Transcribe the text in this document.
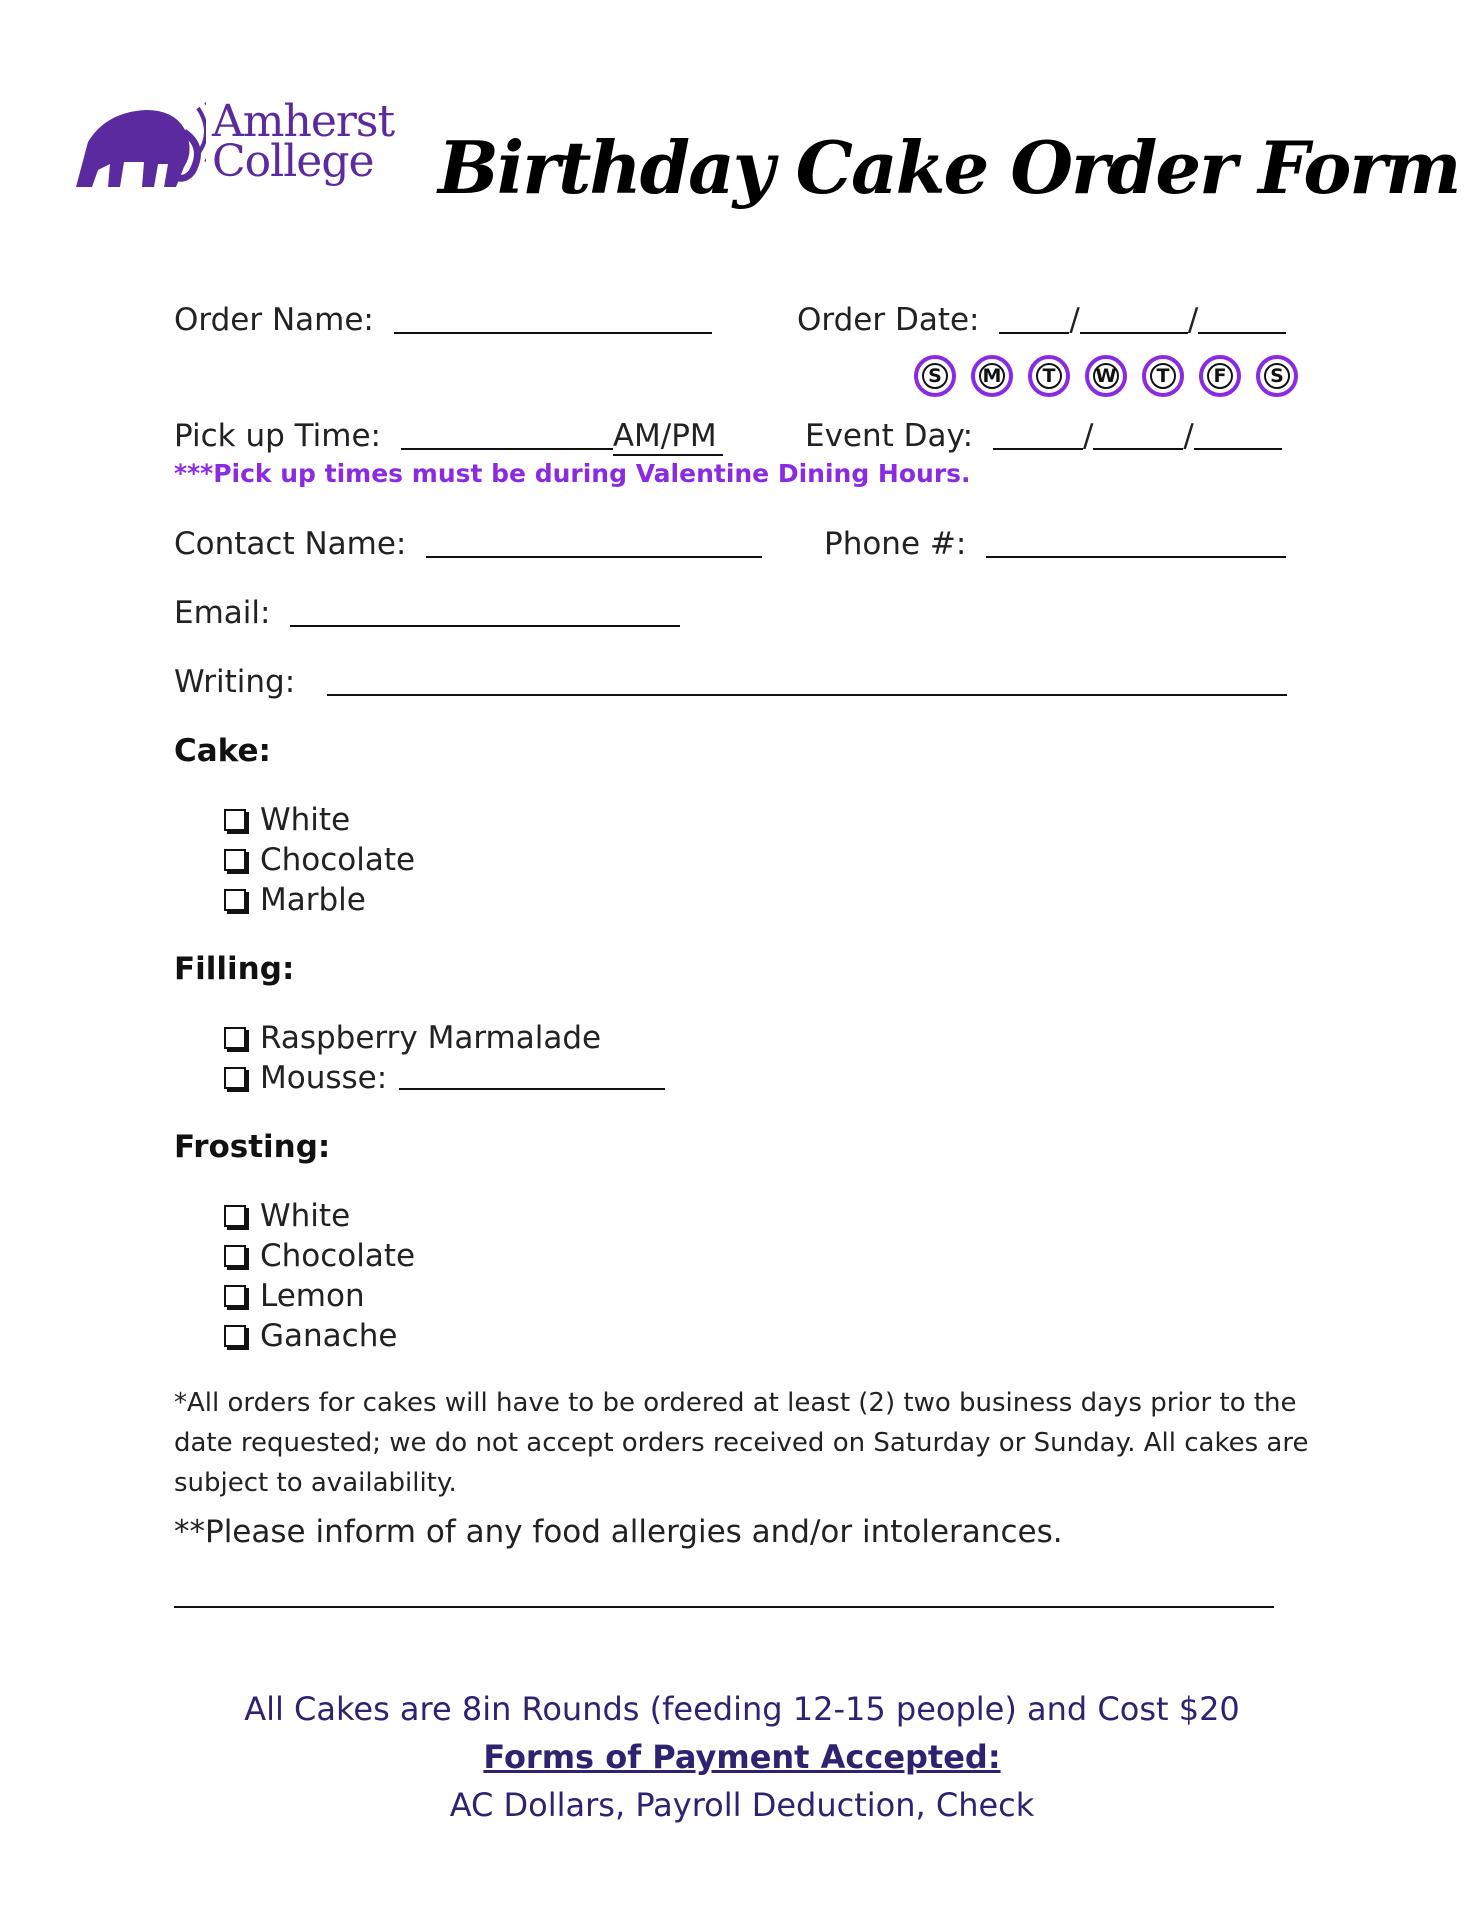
Amherst
College Birthday Cake Order Form
Order Name:	Order Date:	/	/
S	M	T	W	T	F	S
Pick up Time:	AM/PM	Event Day:	/	/
***Pick up times must be during Valentine Dining Hours.
Contact Name:	Phone #:
Email:
Writing:
Cake:
White
Chocolate
Marble
Filling:
Raspberry Marmalade
Mousse:
Frosting:
White
Chocolate
Lemon
Ganache
*All orders for cakes will have to be ordered at least (2) two business days prior to the date requested; we do not accept orders received on Saturday or Sunday. All cakes are subject to availability.
**Please inform of any food allergies and/or intolerances.
All Cakes are 8in Rounds (feeding 12-15 people) and Cost $20
Forms of Payment Accepted:
AC Dollars, Payroll Deduction, Check
